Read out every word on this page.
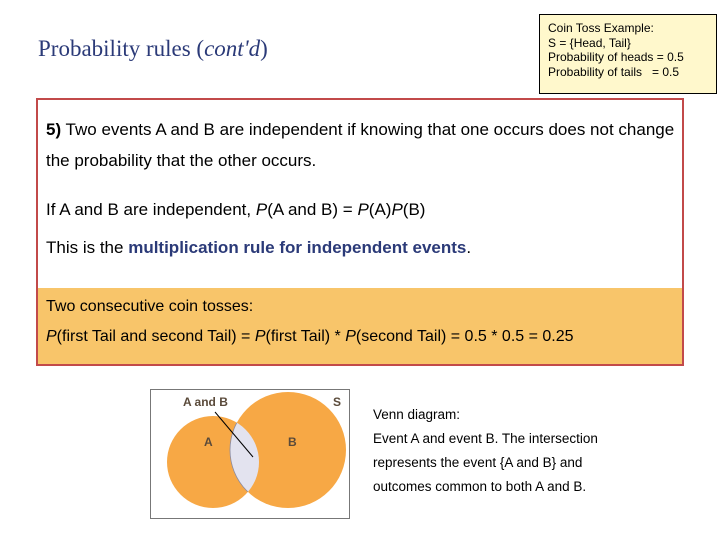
Probability rules (cont'd)
Coin Toss Example:
S = {Head, Tail}
Probability of heads = 0.5
Probability of tails   = 0.5
5) Two events A and B are independent if knowing that one occurs does not change the probability that the other occurs.
If A and B are independent, P(A and B) = P(A)P(B)
This is the multiplication rule for independent events.
Two consecutive coin tosses:
P(first Tail and second Tail) = P(first Tail) * P(second Tail) = 0.5 * 0.5 = 0.25
A and B	S
A	B
Venn diagram:
Event A and event B. The intersection
represents the event {A and B} and
outcomes common to both A and B.
